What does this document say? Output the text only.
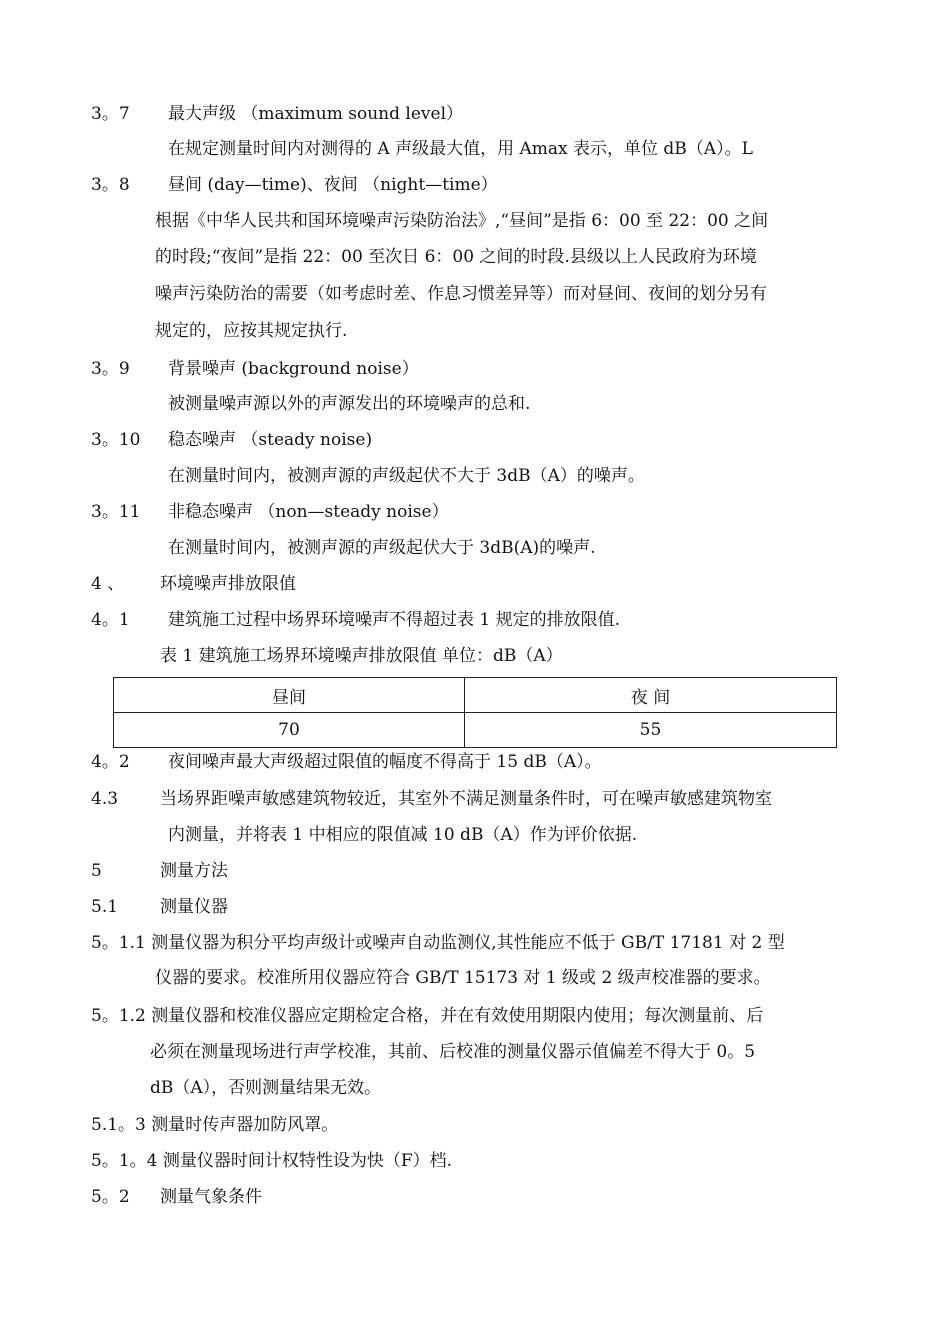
3。7 最大声级 （maximum sound level）
在规定测量时间内对测得的 A 声级最大值，用 Amax 表示，单位 dB（A）。L
3。8 昼间 (day—time)、夜间 （night—time）
根据《中华人民共和国环境噪声污染防治法》,“昼间”是指 6：00 至 22：00 之间
的时段;“夜间”是指 22：00 至次日 6：00 之间的时段.县级以上人民政府为环境
噪声污染防治的需要（如考虑时差、作息习惯差异等）而对昼间、夜间的划分另有
规定的，应按其规定执行.
3。9 背景噪声 (background noise）
被测量噪声源以外的声源发出的环境噪声的总和.
3。10 稳态噪声 （steady noise)
在测量时间内，被测声源的声级起伏不大于 3dB（A）的噪声。
3。11 非稳态噪声 （non—steady noise）
在测量时间内，被测声源的声级起伏大于 3dB(A)的噪声.
4 、 环境噪声排放限值
4。1 建筑施工过程中场界环境噪声不得超过表 1 规定的排放限值.
表 1 建筑施工场界环境噪声排放限值 单位：dB（A）
昼间	夜 间
70	55
4。2 夜间噪声最大声级超过限值的幅度不得高于 15 dB（A）。
4.3 当场界距噪声敏感建筑物较近，其室外不满足测量条件时，可在噪声敏感建筑物室
内测量，并将表 1 中相应的限值减 10 dB（A）作为评价依据.
5	测量方法
5.1 测量仪器
5。1.1 测量仪器为积分平均声级计或噪声自动监测仪,其性能应不低于 GB/T 17181 对 2 型
仪器的要求。校准所用仪器应符合 GB/T 15173 对 1 级或 2 级声校准器的要求。
5。1.2 测量仪器和校准仪器应定期检定合格，并在有效使用期限内使用；每次测量前、后
必须在测量现场进行声学校准，其前、后校准的测量仪器示值偏差不得大于 0。5
dB（A），否则测量结果无效。
5.1。3 测量时传声器加防风罩。
5。1。4 测量仪器时间计权特性设为快（F）档.
5。2 测量气象条件
